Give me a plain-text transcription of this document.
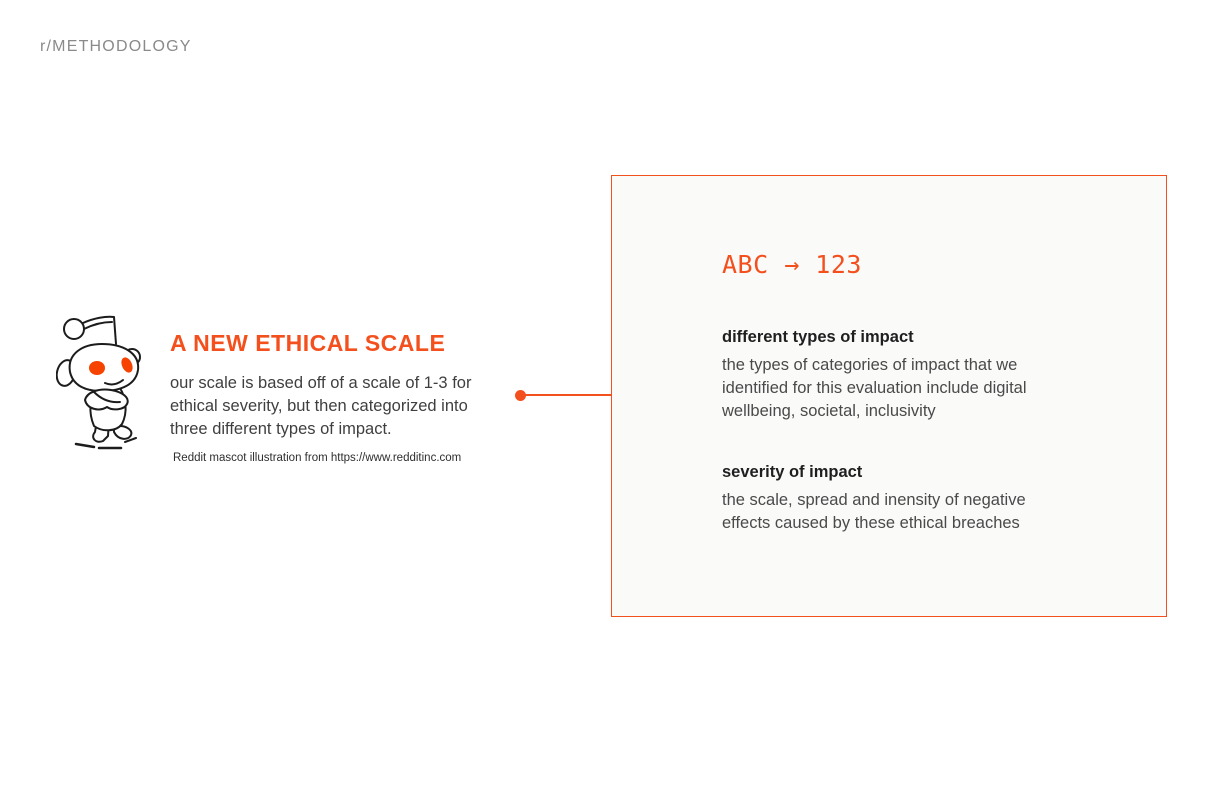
r/METHODOLOGY
A NEW ETHICAL SCALE

our scale is based off of a scale of 1-3 for ethical severity, but then categorized into three different types of impact.

Reddit mascot illustration from https://www.redditinc.com

ABC → 123
different types of impact

the types of categories of impact that we identified for this evaluation include digital wellbeing, societal, inclusivity

severity of impact

the scale, spread and inensity of negative effects caused by these ethical breaches
